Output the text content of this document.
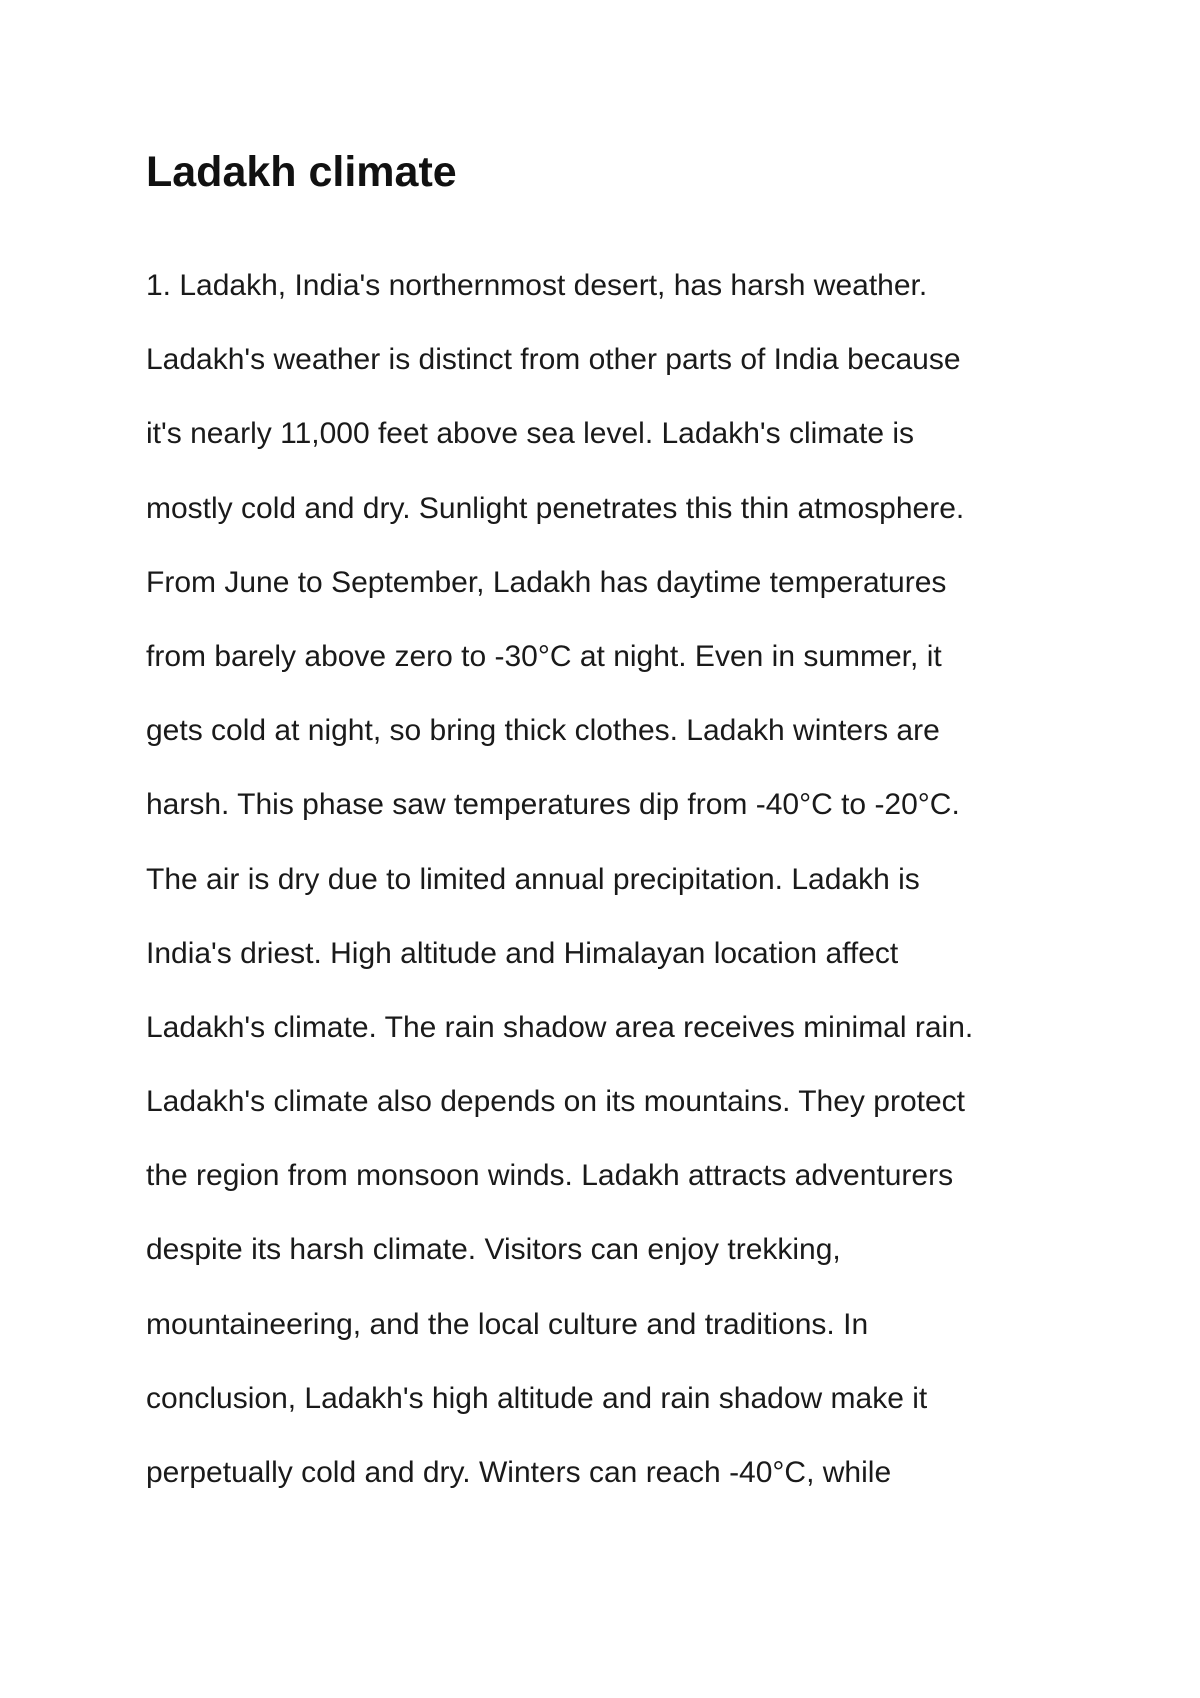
Ladakh climate
1. Ladakh, India's northernmost desert, has harsh weather.
Ladakh's weather is distinct from other parts of India because
it's nearly 11,000 feet above sea level. Ladakh's climate is
mostly cold and dry. Sunlight penetrates this thin atmosphere.
From June to September, Ladakh has daytime temperatures
from barely above zero to -30°C at night. Even in summer, it
gets cold at night, so bring thick clothes. Ladakh winters are
harsh. This phase saw temperatures dip from -40°C to -20°C.
The air is dry due to limited annual precipitation. Ladakh is
India's driest. High altitude and Himalayan location affect
Ladakh's climate. The rain shadow area receives minimal rain.
Ladakh's climate also depends on its mountains. They protect
the region from monsoon winds. Ladakh attracts adventurers
despite its harsh climate. Visitors can enjoy trekking,
mountaineering, and the local culture and traditions. In
conclusion, Ladakh's high altitude and rain shadow make it
perpetually cold and dry. Winters can reach -40°C, while
